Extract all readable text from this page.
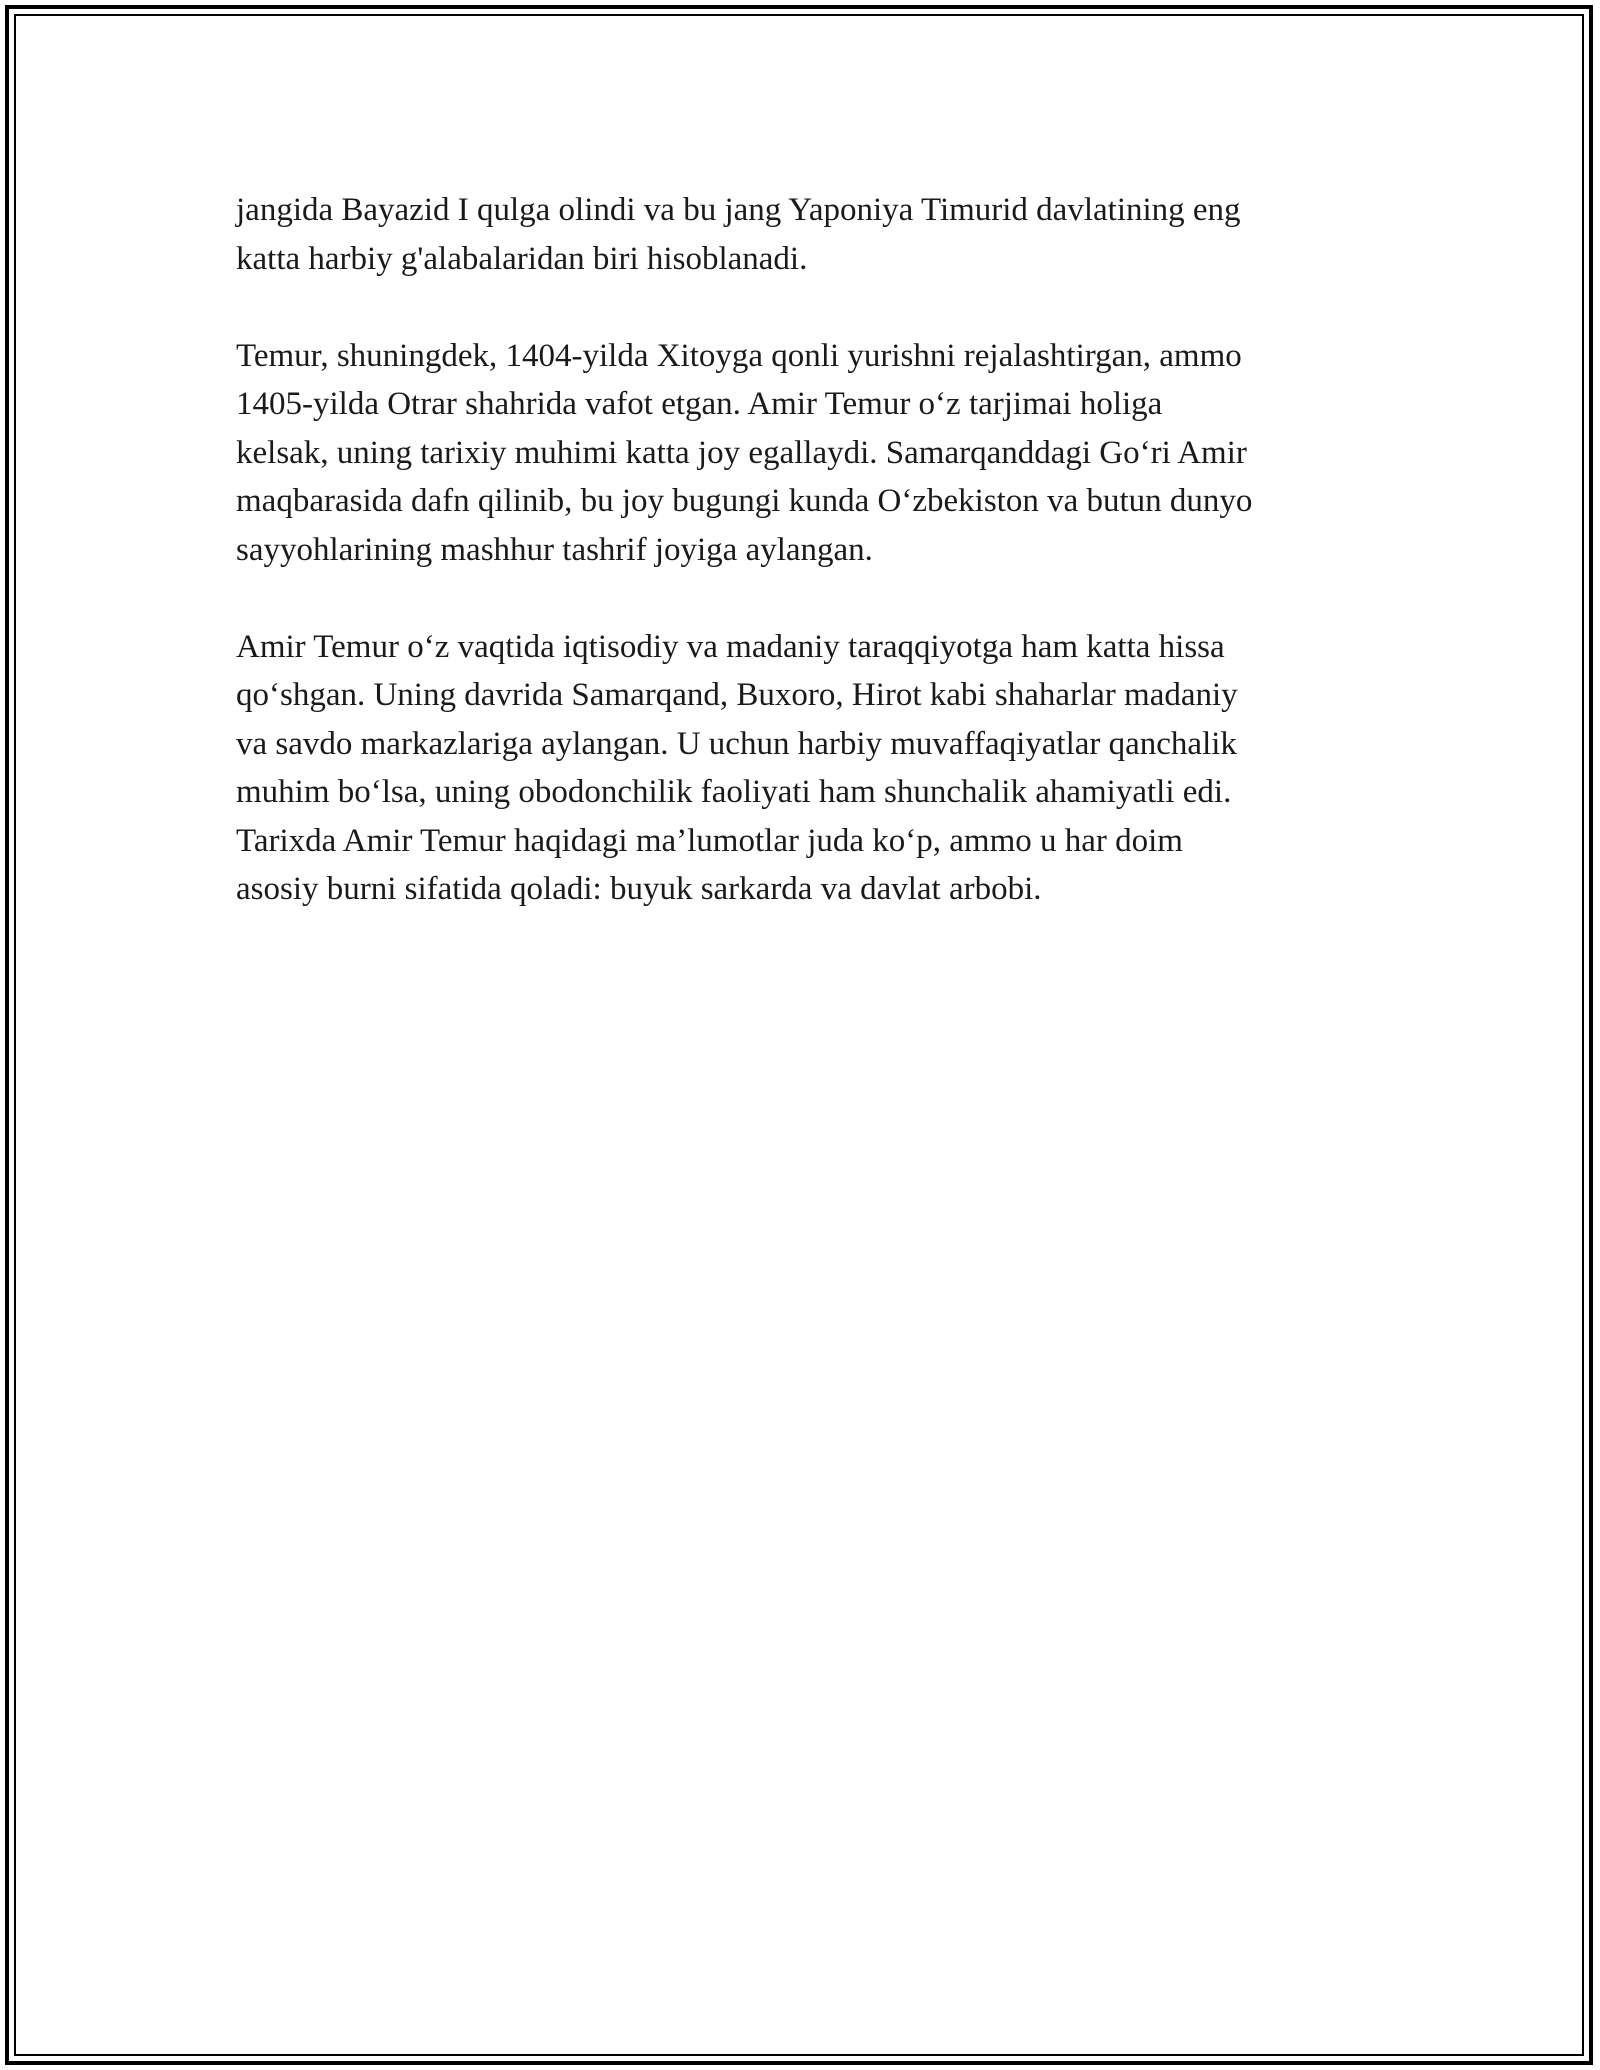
jangida Bayazid I qulga olindi va bu jang Yaponiya Timurid davlatining eng
katta harbiy g'alabalaridan biri hisoblanadi.

Temur, shuningdek, 1404-yilda Xitoyga qonli yurishni rejalashtirgan, ammo
1405-yilda Otrar shahrida vafot etgan. Amir Temur o‘z tarjimai holiga
kelsak, uning tarixiy muhimi katta joy egallaydi. Samarqanddagi Go‘ri Amir
maqbarasida dafn qilinib, bu joy bugungi kunda O‘zbekiston va butun dunyo
sayyohlarining mashhur tashrif joyiga aylangan.

Amir Temur o‘z vaqtida iqtisodiy va madaniy taraqqiyotga ham katta hissa
qo‘shgan. Uning davrida Samarqand, Buxoro, Hirot kabi shaharlar madaniy
va savdo markazlariga aylangan. U uchun harbiy muvaffaqiyatlar qanchalik
muhim bo‘lsa, uning obodonchilik faoliyati ham shunchalik ahamiyatli edi.
Tarixda Amir Temur haqidagi ma’lumotlar juda ko‘p, ammo u har doim
asosiy burni sifatida qoladi: buyuk sarkarda va davlat arbobi.
